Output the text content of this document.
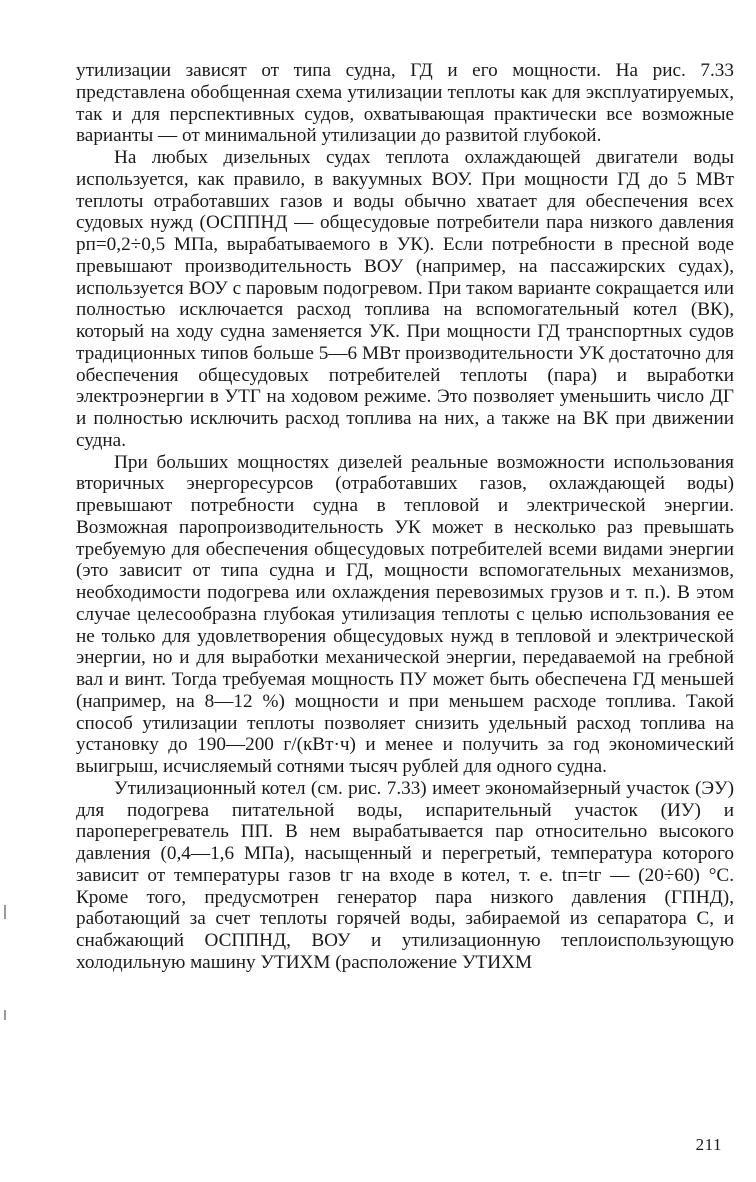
утилизации зависят от типа судна, ГД и его мощности. На рис. 7.33 представлена обобщенная схема утилизации теплоты как для эксплуатируемых, так и для перспективных судов, охватывающая практически все возможные варианты — от минимальной утилизации до развитой глубокой.

На любых дизельных судах теплота охлаждающей двигатели воды используется, как правило, в вакуумных ВОУ. При мощности ГД до 5 МВт теплоты отработавших газов и воды обычно хватает для обеспечения всех судовых нужд (ОСППНД — общесудовые потребители пара низкого давления pп=0,2÷0,5 МПа, вырабатываемого в УК). Если потребности в пресной воде превышают производительность ВОУ (например, на пассажирских судах), используется ВОУ с паровым подогревом. При таком варианте сокращается или полностью исключается расход топлива на вспомогательный котел (ВК), который на ходу судна заменяется УК. При мощности ГД транспортных судов традиционных типов больше 5—6 МВт производительности УК достаточно для обеспечения общесудовых потребителей теплоты (пара) и выработки электроэнергии в УТГ на ходовом режиме. Это позволяет уменьшить число ДГ и полностью исключить расход топлива на них, а также на ВК при движении судна.

При больших мощностях дизелей реальные возможности использования вторичных энергоресурсов (отработавших газов, охлаждающей воды) превышают потребности судна в тепловой и электрической энергии. Возможная паропроизводительность УК может в несколько раз превышать требуемую для обеспечения общесудовых потребителей всеми видами энергии (это зависит от типа судна и ГД, мощности вспомогательных механизмов, необходимости подогрева или охлаждения перевозимых грузов и т. п.). В этом случае целесообразна глубокая утилизация теплоты с целью использования ее не только для удовлетворения общесудовых нужд в тепловой и электрической энергии, но и для выработки механической энергии, передаваемой на гребной вал и винт. Тогда требуемая мощность ПУ может быть обеспечена ГД меньшей (например, на 8—12 %) мощности и при меньшем расходе топлива. Такой способ утилизации теплоты позволяет снизить удельный расход топлива на установку до 190—200 г/(кВт·ч) и менее и получить за год экономический выигрыш, исчисляемый сотнями тысяч рублей для одного судна.

Утилизационный котел (см. рис. 7.33) имеет экономайзерный участок (ЭУ) для подогрева питательной воды, испарительный участок (ИУ) и пароперегреватель ПП. В нем вырабатывается пар относительно высокого давления (0,4—1,6 МПа), насыщенный и перегретый, температура которого зависит от температуры газов tг на входе в котел, т. е. tп=tг — (20÷60) °С. Кроме того, предусмотрен генератор пара низкого давления (ГПНД), работающий за счет теплоты горячей воды, забираемой из сепаратора С, и снабжающий ОСППНД, ВОУ и утилизационную теплоиспользующую холодильную машину УТИХМ (расположение УТИХМ

211
